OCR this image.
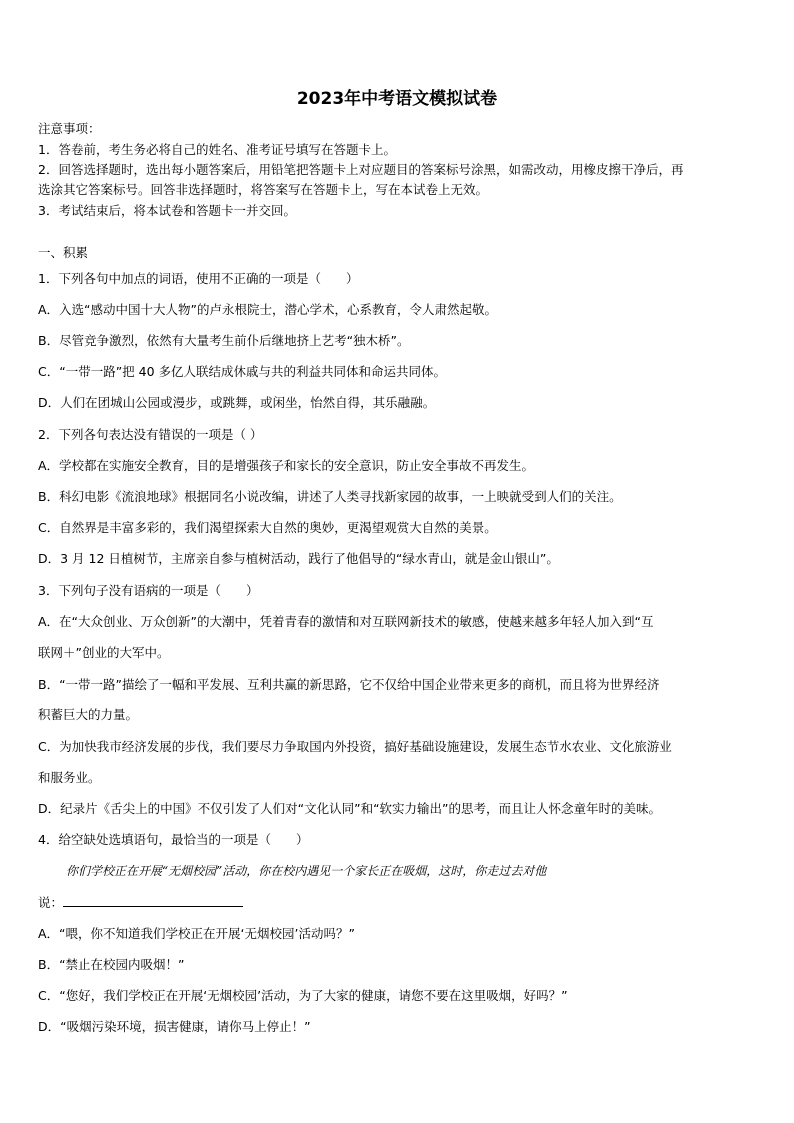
2023年中考语文模拟试卷
注意事项：
1．答卷前，考生务必将自己的姓名、准考证号填写在答题卡上。
2．回答选择题时，选出每小题答案后，用铅笔把答题卡上对应题目的答案标号涂黑，如需改动，用橡皮擦干净后，再
选涂其它答案标号。回答非选择题时，将答案写在答题卡上，写在本试卷上无效。
3．考试结束后，将本试卷和答题卡一并交回。
一、积累
1．下列各句中加点的词语，使用不正确的一项是（　　）
A．入选“感动中国十大人物”的卢永根院士，潜心学术，心系教育，令人肃然起敬。
B．尽管竞争激烈，依然有大量考生前仆后继地挤上艺考“独木桥”。
C．“一带一路”把 40 多亿人联结成休戚与共的利益共同体和命运共同体。
D．人们在团城山公园或漫步，或跳舞，或闲坐，怡然自得，其乐融融。
2．下列各句表达没有错误的一项是（ ）
A．学校都在实施安全教育，目的是增强孩子和家长的安全意识，防止安全事故不再发生。
B．科幻电影《流浪地球》根据同名小说改编，讲述了人类寻找新家园的故事，一上映就受到人们的关注。
C．自然界是丰富多彩的，我们渴望探索大自然的奥妙，更渴望观赏大自然的美景。
D．3 月 12 日植树节，主席亲自参与植树活动，践行了他倡导的“绿水青山，就是金山银山”。
3．下列句子没有语病的一项是（　　）
A．在“大众创业、万众创新”的大潮中，凭着青春的激情和对互联网新技术的敏感，使越来越多年轻人加入到“互
联网＋”创业的大军中。
B．“一带一路”描绘了一幅和平发展、互利共赢的新思路，它不仅给中国企业带来更多的商机，而且将为世界经济
积蓄巨大的力量。
C．为加快我市经济发展的步伐，我们要尽力争取国内外投资，搞好基础设施建设，发展生态节水农业、文化旅游业
和服务业。
D．纪录片《舌尖上的中国》不仅引发了人们对“文化认同”和“软实力输出”的思考，而且让人怀念童年时的美味。
4．给空缺处选填语句，最恰当的一项是（　　）
你们学校正在开展“无烟校园”活动，你在校内遇见一个家长正在吸烟，这时，你走过去对他
说：
A．“喂，你不知道我们学校正在开展‘无烟校园’活动吗？”
B．“禁止在校园内吸烟！”
C．“您好，我们学校正在开展‘无烟校园’活动，为了大家的健康，请您不要在这里吸烟，好吗？”
D．“吸烟污染环境，损害健康，请你马上停止！”
